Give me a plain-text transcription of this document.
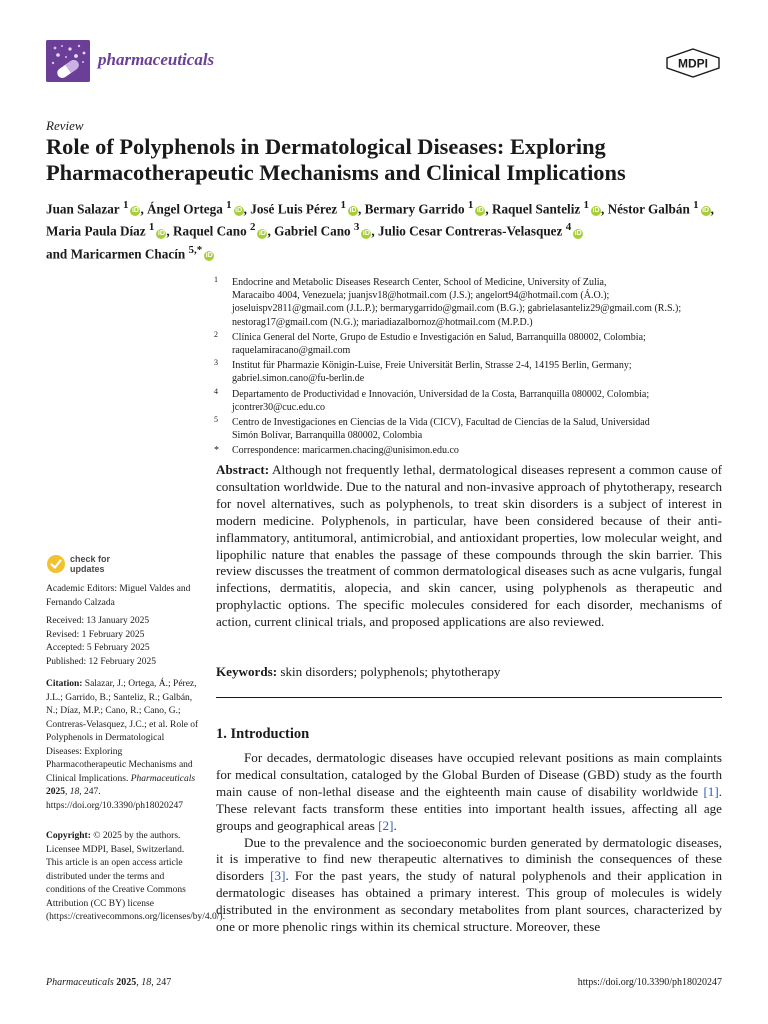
pharmaceuticals	MDPI
Review
Role of Polyphenols in Dermatological Diseases: Exploring
Pharmacotherapeutic Mechanisms and Clinical Implications
Juan Salazar $^1$ iD , Ángel Ortega $^1$ iD , José Luis Pérez $^1$ iD , Bermary Garrido $^1$ iD , Raquel Santeliz $^1$ iD , Néstor Galbán $^1$ iD ,
Maria Paula Díaz $^1$ iD , Raquel Cano $^2$ iD , Gabriel Cano $^3$ iD , Julio Cesar Contreras-Velasquez $^4$ iD
and Maricarmen Chacín $^{5,*}$ iD
1 Endocrine and Metabolic Diseases Research Center, School of Medicine, University of Zulia,
Maracaibo 4004, Venezuela; juanjsv18@hotmail.com (J.S.); angelort94@hotmail.com (Á.O.);
joseluispv2811@gmail.com (J.L.P.); bermarygarrido@gmail.com (B.G.); gabrielasanteliz29@gmail.com (R.S.);
nestorag17@gmail.com (N.G.); mariadiazalbornoz@hotmail.com (M.P.D.)
2 Clínica General del Norte, Grupo de Estudio e Investigación en Salud, Barranquilla 080002, Colombia;
raquelamiracano@gmail.com
3 Institut für Pharmazie Königin-Luise, Freie Universität Berlin, Strasse 2-4, 14195 Berlin, Germany;
gabriel.simon.cano@fu-berlin.de
4 Departamento de Productividad e Innovación, Universidad de la Costa, Barranquilla 080002, Colombia;
jcontrer30@cuc.edu.co
5 Centro de Investigaciones en Ciencias de la Vida (CICV), Facultad de Ciencias de la Salud, Universidad
Simón Bolívar, Barranquilla 080002, Colombia
* Correspondence: maricarmen.chacing@unisimon.edu.co

Abstract: Although not frequently lethal, dermatological diseases represent a common cause of consultation worldwide. Due to the natural and non-invasive approach of phytotherapy, research for novel alternatives, such as polyphenols, to treat skin disorders is a subject of interest in modern medicine. Polyphenols, in particular, have been considered because of their anti-inflammatory, antitumoral, antimicrobial, and antioxidant properties, low molecular weight, and lipophilic nature that enables the passage of these compounds through the skin barrier. This review discusses the treatment of common dermatological diseases such as acne vulgaris, fungal infections, dermatitis, alopecia, and skin cancer, using polyphenols as therapeutic and prophylactic options. The specific molecules considered for each disorder, mechanisms of action, current clinical trials, and proposed applications are also reviewed.

Keywords: skin disorders; polyphenols; phytotherapy

1. Introduction

For decades, dermatologic diseases have occupied relevant positions as main complaints for medical consultation, cataloged by the Global Burden of Disease (GBD) study as the fourth main cause of non-lethal disease and the eighteenth main cause of disability worldwide [1]. These relevant facts transform these entities into important health issues, affecting all age groups and geographical areas [2].

Due to the prevalence and the socioeconomic burden generated by dermatologic diseases, it is imperative to find new therapeutic alternatives to diminish the consequences of these disorders [3]. For the past years, the study of natural polyphenols and their application in dermatologic diseases has obtained a primary interest. This group of molecules is widely distributed in the environment as secondary metabolites from plant sources, characterized by one or more phenolic rings within its chemical structure. Moreover, these

check for
updates

Academic Editors: Miguel Valdes and Fernando Calzada

Received: 13 January 2025
Revised: 1 February 2025
Accepted: 5 February 2025
Published: 12 February 2025

Citation: Salazar, J.; Ortega, Á.; Pérez, J.L.; Garrido, B.; Santeliz, R.; Galbán, N.; Díaz, M.P.; Cano, R.; Cano, G.; Contreras-Velasquez, J.C.; et al. Role of Polyphenols in Dermatological Diseases: Exploring Pharmacotherapeutic Mechanisms and Clinical Implications. Pharmaceuticals 2025, 18, 247. https://doi.org/10.3390/ph18020247

Copyright: © 2025 by the authors. Licensee MDPI, Basel, Switzerland. This article is an open access article distributed under the terms and conditions of the Creative Commons Attribution (CC BY) license (https://creativecommons.org/licenses/by/4.0/).

Pharmaceuticals 2025, 18, 247	https://doi.org/10.3390/ph18020247
